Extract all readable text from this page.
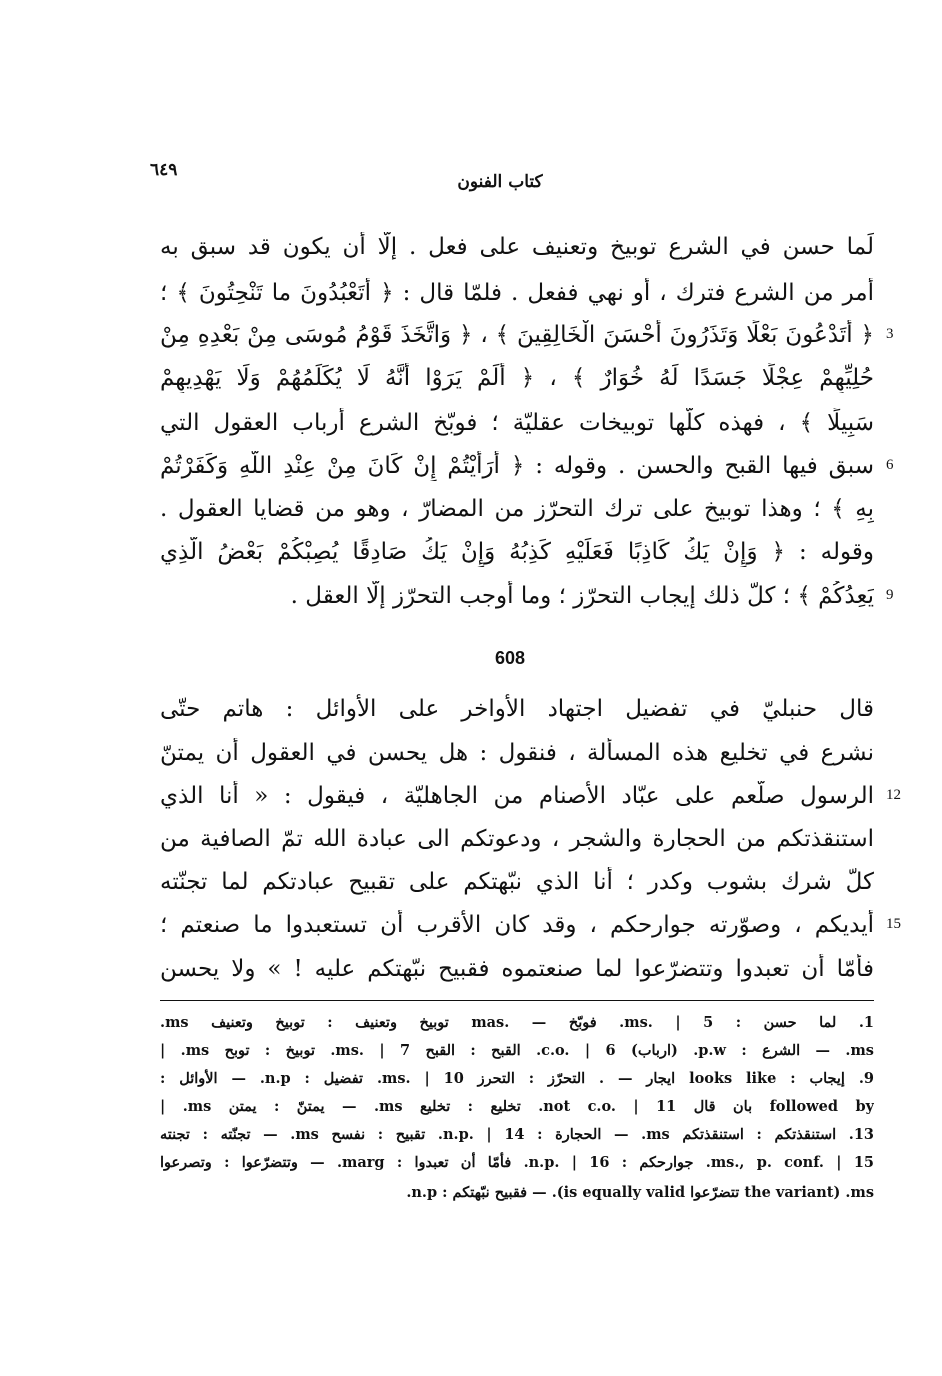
كتاب الفنون
٦٤٩
لَما حسن في الشرع توبيخ وتعنيف على فعل . إلّا أن يكون قد سبق به
أمر من الشرع فترك ، أو نهي ففعل . فلمّا قال : ﴿ أَتَعْبُدُونَ ما تَنْحِتُونَ ﴾ ؛
﴿ أَتَدْعُونَ بَعْلًا وَتَذَرُونَ أَحْسَنَ الْخَالِقِينَ ﴾ ، ﴿ وَاتَّخَذَ قَوْمُ مُوسَى مِنْ بَعْدِهِ مِنْ
حُلِيِّهِمْ عِجْلًا جَسَدًا لَهُ خُوَارٌ ﴾ ، ﴿ أَلَمْ يَرَوْا أَنَّهُ لَا يُكَلِّمُهُمْ وَلَا يَهْدِيهِمْ
سَبِيلًا ﴾ ، فهذه كلّها توبيخات عقليّة ؛ فوبّخ الشرع أرباب العقول التي
سبق فيها القبح والحسن . وقوله : ﴿ أَرَأَيْتُمْ إِنْ كَانَ مِنْ عِنْدِ اللَّهِ وَكَفَرْتُمْ
بِهِ ﴾ ؛ وهذا توبيخ على ترك التحرّز من المضارّ ، وهو من قضايا العقول .
وقوله : ﴿ وَإِنْ يَكُ كَاذِبًا فَعَلَيْهِ كَذِبُهُ وَإِنْ يَكُ صَادِقًا يُصِبْكُمْ بَعْضُ الَّذِي
يَعِدُكُمْ ﴾ ؛ كلّ ذلك إيجاب التحرّز ؛ وما أوجب التحرّز إلّا العقل .
3
6
9
608
قال حنبليّ في تفضيل اجتهاد الأواخر على الأوائل : هاتم حتّى
نشرع في تخليع هذه المسألة ، فنقول : هل يحسن في العقول أن يمتنّ
الرسول صلّعم على عبّاد الأصنام من الجاهليّة ، فيقول : « أنا الذي
استنقذتكم من الحجارة والشجر ، ودعوتكم الى عبادة الله تمّ الصافية من
كلّ شرك بشوب وكدر ؛ أنا الذي نبّهتكم على تقبيح عبادتكم لما تجنّته
أيديكم ، وصوّرته جوارحكم ، وقد كان الأقرب أن تستعبدوا ما صنعتم ؛
فأمّا أن تعبدوا وتتضرّعوا لما صنعتموه فقبيح نبّهتكم عليه ! » ولا يحسن
12
15
1. لما حسن : ms. | 5. فوبّخ — .mas توبيخ وتعنيف : توبيخ وتعنيف ms.
ms. — الشرع : p.w. (ارباب) c.o. | 6. القبح : القبح ms. | 7. توبيخ : توبح ms. |
9. إيجاب : looks like ايجار — . التحرّز : التحرز ms. | 10. تفضيل : n.p. — الأوائل :
followed by بان قال not c.o. | 11. تخليع : تخليع ms. — يمتنّ : يمتن ms. |
13. استنقذتكم : استنقذتكم ms. — الحجارة : n.p. | 14. تقبيح : نفسح ms. — تجنّته : تجنته
ms., p. conf. | 15. جوارحكم : n.p. | 16. فأمّا أن تعبدوا : marg. — وتتضرّعوا : وتصرعوا
ms. (the variant تتضرّعوا is equally valid). — فقبيح نبّهتكم : n.p.
